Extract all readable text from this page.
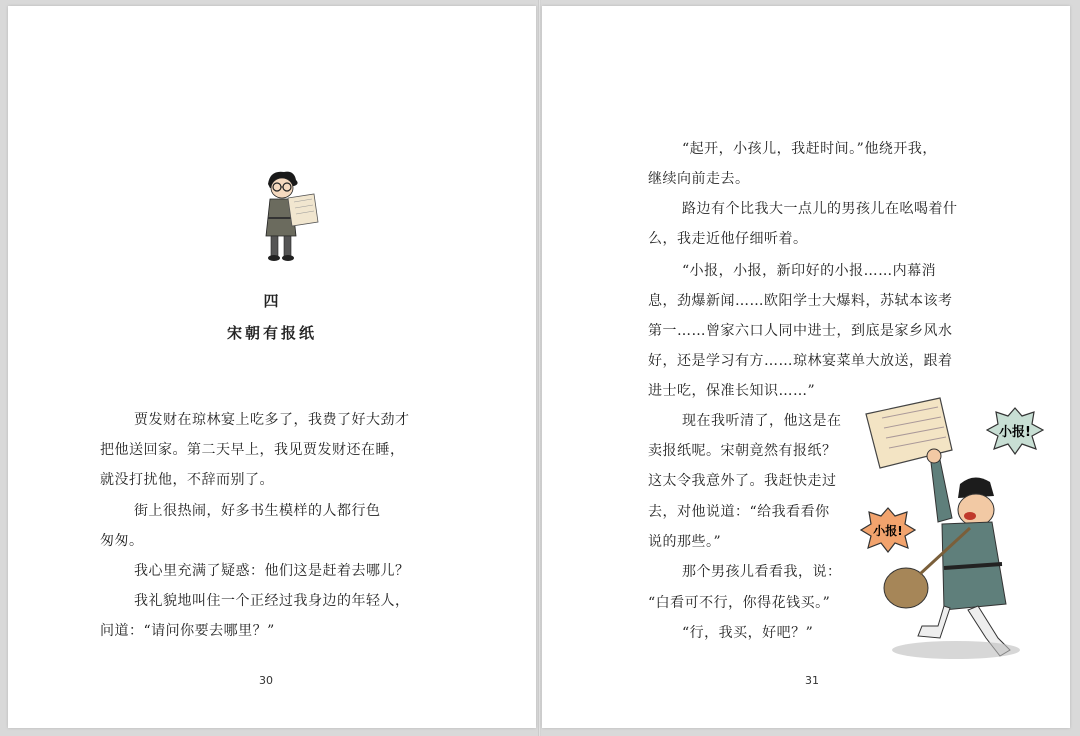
四
宋朝有报纸
贾发财在琼林宴上吃多了，我费了好大劲才
把他送回家。第二天早上，我见贾发财还在睡，
就没打扰他，不辞而别了。
街上很热闹，好多书生模样的人都行色
匆匆。
我心里充满了疑惑：他们这是赶着去哪儿？
我礼貌地叫住一个正经过我身边的年轻人，
问道：“请问你要去哪里？”
30
“起开，小孩儿，我赶时间。”他绕开我，
继续向前走去。
路边有个比我大一点儿的男孩儿在吆喝着什
么，我走近他仔细听着。
“小报，小报，新印好的小报……内幕消
息，劲爆新闻……欧阳学士大爆料，苏轼本该考
第一……曾家六口人同中进士，到底是家乡风水
好，还是学习有方……琼林宴菜单大放送，跟着
进士吃，保准长知识……”
现在我听清了，他这是在
卖报纸呢。宋朝竟然有报纸？
这太令我意外了。我赶快走过
去，对他说道：“给我看看你
说的那些。”
那个男孩儿看看我，说：
“白看可不行，你得花钱买。”
“行，我买，好吧？”
小报!
小报!
31
